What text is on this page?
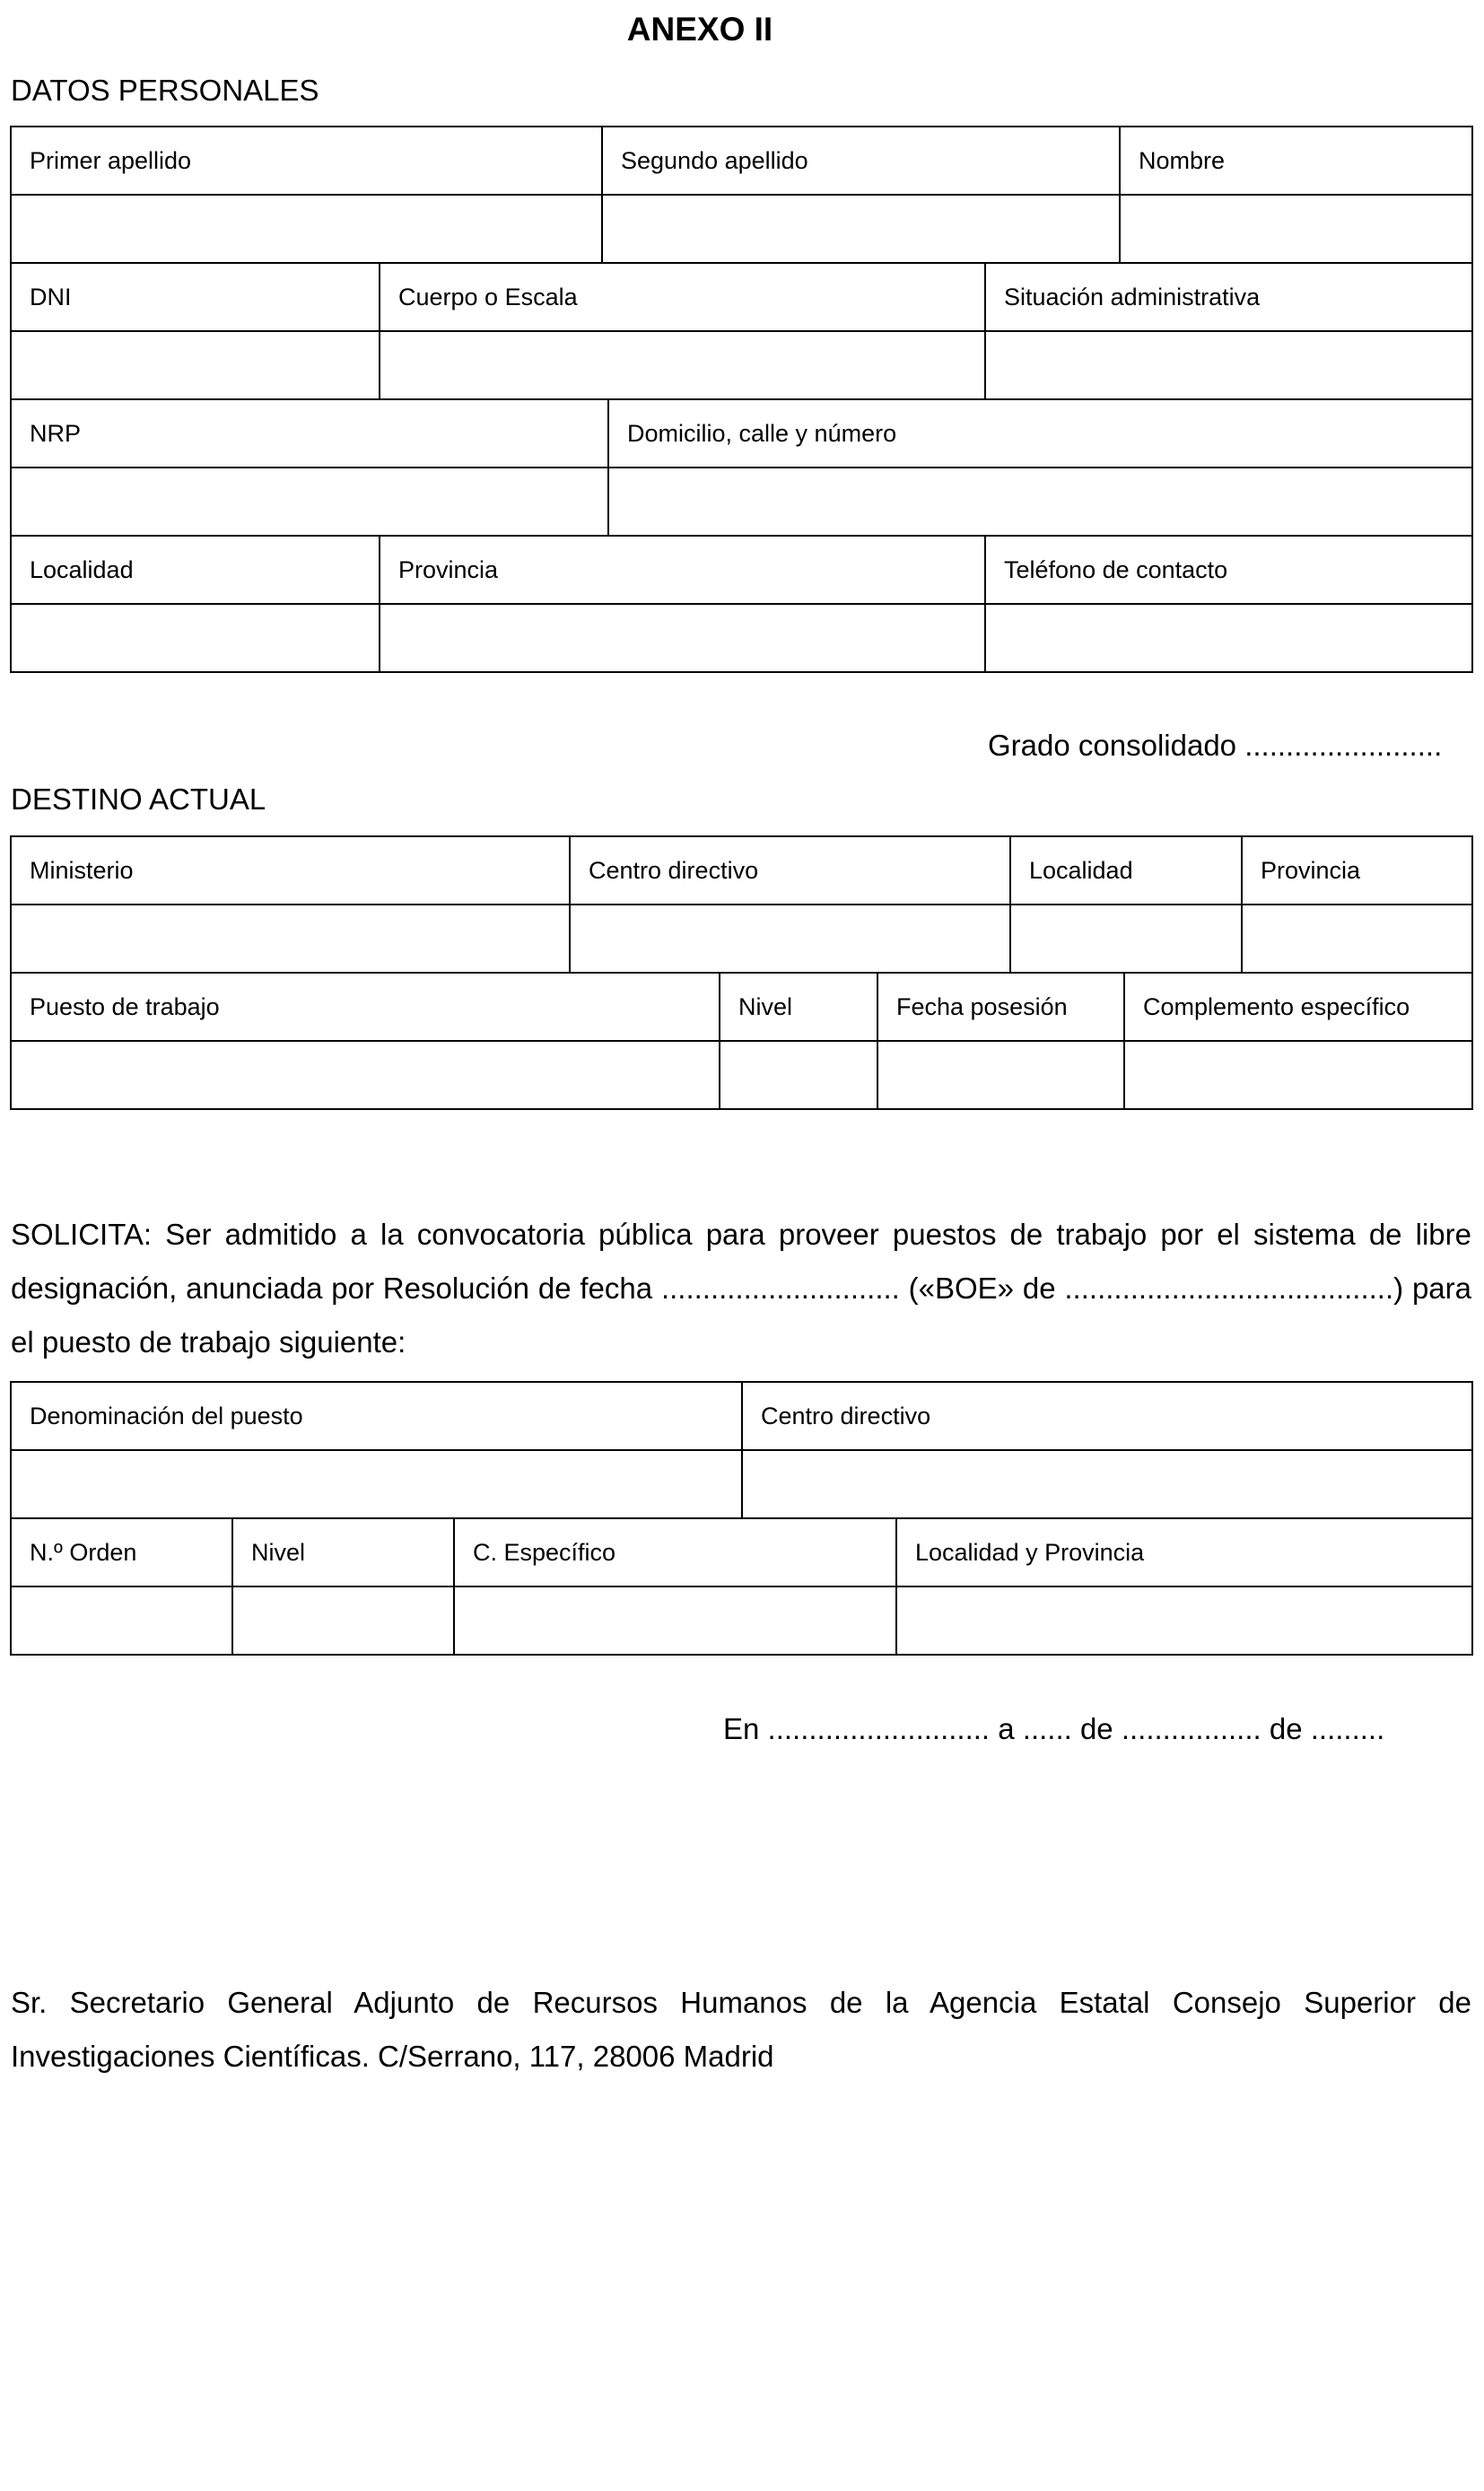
ANEXO II
DATOS PERSONALES
Grado consolidado ........................
DESTINO ACTUAL
SOLICITA: Ser admitido a la convocatoria pública para proveer puestos de trabajo por el sistema de libre designación, anunciada por Resolución de fecha ............................. («BOE» de ........................................) para el puesto de trabajo siguiente:
En ........................... a ...... de ................. de .........
Sr. Secretario General Adjunto de Recursos Humanos de la Agencia Estatal Consejo Superior de Investigaciones Científicas. C/Serrano, 117, 28006 Madrid
Primer apellido	Segundo apellido	Nombre
DNI	Cuerpo o Escala	Situación administrativa
NRP	Domicilio, calle y número
Localidad	Provincia	Teléfono de contacto
Ministerio	Centro directivo	Localidad	Provincia
Puesto de trabajo	Nivel	Fecha posesión	Complemento específico
Denominación del puesto	Centro directivo
N.º Orden	Nivel	C. Específico	Localidad y Provincia
